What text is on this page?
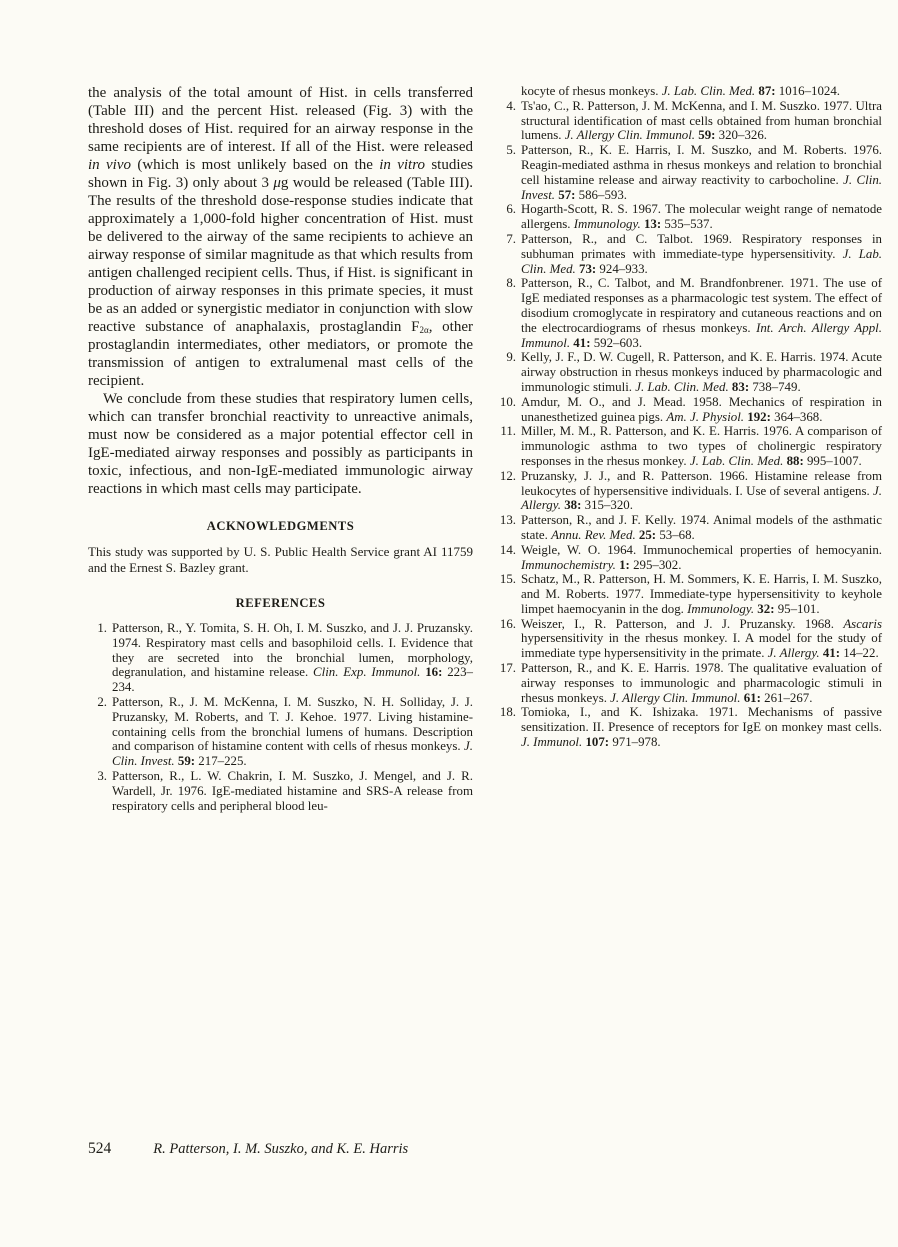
the analysis of the total amount of Hist. in cells transferred (Table III) and the percent Hist. released (Fig. 3) with the threshold doses of Hist. required for an airway response in the same recipients are of interest. If all of the Hist. were released in vivo (which is most unlikely based on the in vitro studies shown in Fig. 3) only about 3 μg would be released (Table III). The results of the threshold dose-response studies indicate that approximately a 1,000-fold higher concentration of Hist. must be delivered to the airway of the same recipients to achieve an airway response of similar magnitude as that which results from antigen challenged recipient cells. Thus, if Hist. is significant in production of airway responses in this primate species, it must be as an added or synergistic mediator in conjunction with slow reactive substance of anaphalaxis, prostaglandin $F_{2\alpha}$, other prostaglandin intermediates, other mediators, or promote the transmission of antigen to extralumenal mast cells of the recipient.

We conclude from these studies that respiratory lumen cells, which can transfer bronchial reactivity to unreactive animals, must now be considered as a major potential effector cell in IgE-mediated airway responses and possibly as participants in toxic, infectious, and non-IgE-mediated immunologic airway reactions in which mast cells may participate.

ACKNOWLEDGMENTS

This study was supported by U. S. Public Health Service grant AI 11759 and the Ernest S. Bazley grant.

REFERENCES
1. Patterson, R., Y. Tomita, S. H. Oh, I. M. Suszko, and J. J. Pruzansky. 1974. Respiratory mast cells and basophiloid cells. I. Evidence that they are secreted into the bronchial lumen, morphology, degranulation, and histamine release. Clin. Exp. Immunol. 16: 223–234.
2. Patterson, R., J. M. McKenna, I. M. Suszko, N. H. Solliday, J. J. Pruzansky, M. Roberts, and T. J. Kehoe. 1977. Living histamine-containing cells from the bronchial lumens of humans. Description and comparison of histamine content with cells of rhesus monkeys. J. Clin. Invest. 59: 217–225.
3. Patterson, R., L. W. Chakrin, I. M. Suszko, J. Mengel, and J. R. Wardell, Jr. 1976. IgE-mediated histamine and SRS-A release from respiratory cells and peripheral blood leu-

kocyte of rhesus monkeys. J. Lab. Clin. Med. 87: 1016–1024.

4. Ts'ao, C., R. Patterson, J. M. McKenna, and I. M. Suszko. 1977. Ultra structural identification of mast cells obtained from human bronchial lumens. J. Allergy Clin. Immunol. 59: 320–326.
5. Patterson, R., K. E. Harris, I. M. Suszko, and M. Roberts. 1976. Reagin-mediated asthma in rhesus monkeys and relation to bronchial cell histamine release and airway reactivity to carbocholine. J. Clin. Invest. 57: 586–593.
6. Hogarth-Scott, R. S. 1967. The molecular weight range of nematode allergens. Immunology. 13: 535–537.
7. Patterson, R., and C. Talbot. 1969. Respiratory responses in subhuman primates with immediate-type hypersensitivity. J. Lab. Clin. Med. 73: 924–933.
8. Patterson, R., C. Talbot, and M. Brandfonbrener. 1971. The use of IgE mediated responses as a pharmacologic test system. The effect of disodium cromoglycate in respiratory and cutaneous reactions and on the electrocardiograms of rhesus monkeys. Int. Arch. Allergy Appl. Immunol. 41: 592–603.
9. Kelly, J. F., D. W. Cugell, R. Patterson, and K. E. Harris. 1974. Acute airway obstruction in rhesus monkeys induced by pharmacologic and immunologic stimuli. J. Lab. Clin. Med. 83: 738–749.
10. Amdur, M. O., and J. Mead. 1958. Mechanics of respiration in unanesthetized guinea pigs. Am. J. Physiol. 192: 364–368.
11. Miller, M. M., R. Patterson, and K. E. Harris. 1976. A comparison of immunologic asthma to two types of cholinergic respiratory responses in the rhesus monkey. J. Lab. Clin. Med. 88: 995–1007.
12. Pruzansky, J. J., and R. Patterson. 1966. Histamine release from leukocytes of hypersensitive individuals. I. Use of several antigens. J. Allergy. 38: 315–320.
13. Patterson, R., and J. F. Kelly. 1974. Animal models of the asthmatic state. Annu. Rev. Med. 25: 53–68.
14. Weigle, W. O. 1964. Immunochemical properties of hemocyanin. Immunochemistry. 1: 295–302.
15. Schatz, M., R. Patterson, H. M. Sommers, K. E. Harris, I. M. Suszko, and M. Roberts. 1977. Immediate-type hypersensitivity to keyhole limpet haemocyanin in the dog. Immunology. 32: 95–101.
16. Weiszer, I., R. Patterson, and J. J. Pruzansky. 1968. Ascaris hypersensitivity in the rhesus monkey. I. A model for the study of immediate type hypersensitivity in the primate. J. Allergy. 41: 14–22.
17. Patterson, R., and K. E. Harris. 1978. The qualitative evaluation of airway responses to immunologic and pharmacologic stimuli in rhesus monkeys. J. Allergy Clin. Immunol. 61: 261–267.
18. Tomioka, I., and K. Ishizaka. 1971. Mechanisms of passive sensitization. II. Presence of receptors for IgE on monkey mast cells. J. Immunol. 107: 971–978.
524	R. Patterson, I. M. Suszko, and K. E. Harris
